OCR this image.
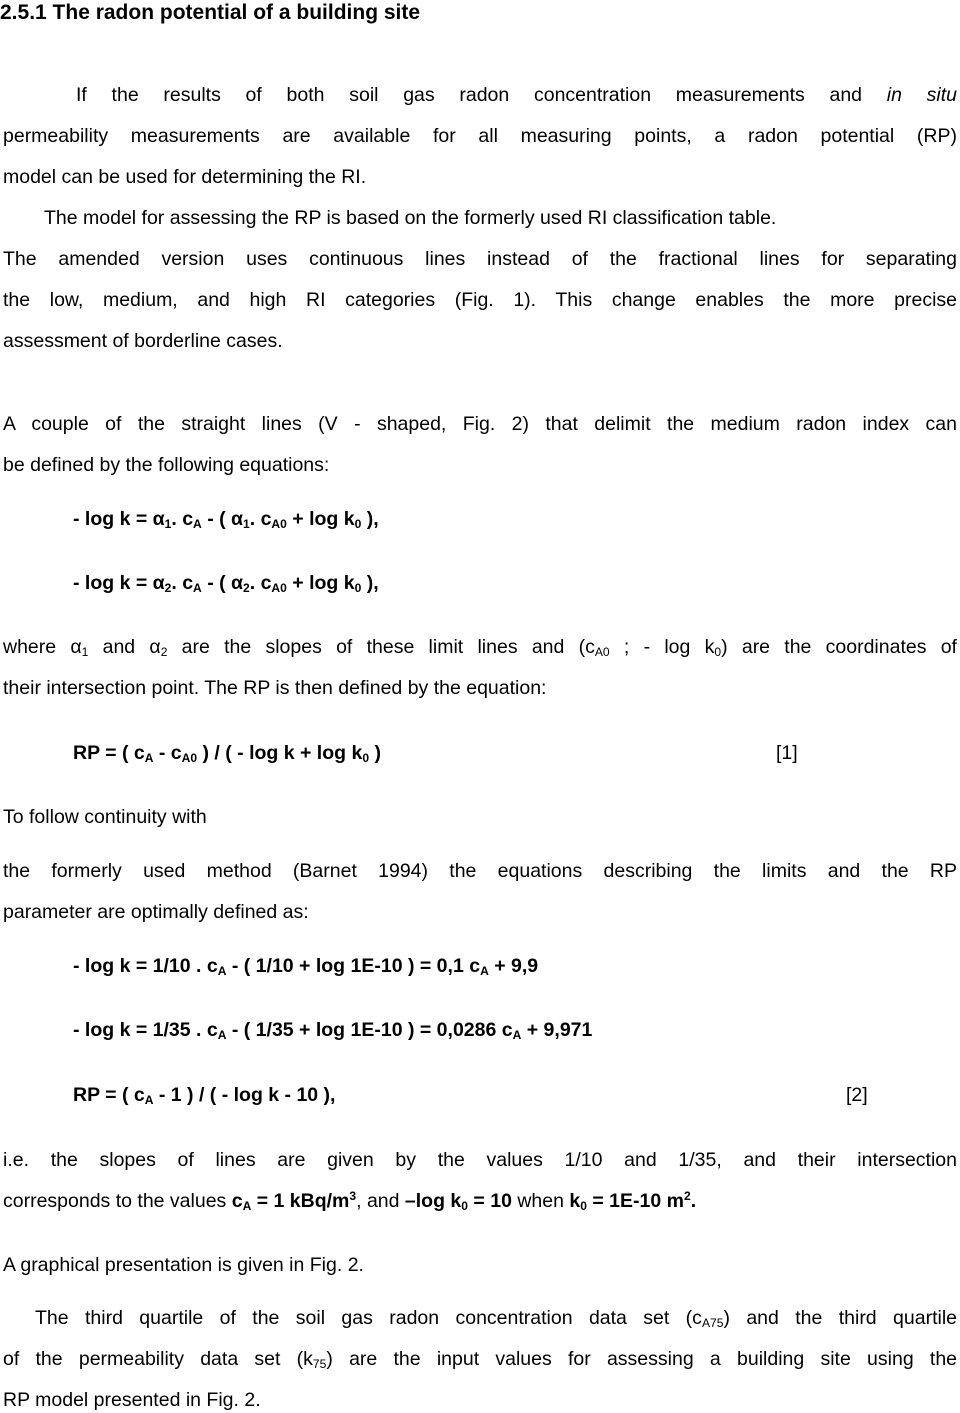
2.5.1 The radon potential of a building site
If the results of both soil gas radon concentration measurements and in situ
permeability measurements are available for all measuring points, a radon potential (RP)
model can be used for determining the RI.
The model for assessing the RP is based on the formerly used RI classification table.
The amended version uses continuous lines instead of the fractional lines for separating
the low, medium, and high RI categories (Fig. 1). This change enables the more precise
assessment of borderline cases.
A couple of the straight lines (V - shaped, Fig. 2) that delimit the medium radon index can
be defined by the following equations:
- $\log k = \alpha_1$. $c_A$ - ( $\alpha_1$. $c_{A0} + \log k_0$ ),
- $\log k = \alpha_2$. $c_A$ - ( $\alpha_2$. $c_{A0} + \log k_0$ ),
where $\alpha_1$ and $\alpha_2$ are the slopes of these limit lines and ($c_{A0}$ ; - $\log k_0$) are the coordinates of
their intersection point. The RP is then defined by the equation:
RP = ( $c_A - c_{A0}$ ) / ( - $\log k + \log k_0$ )	[1]
To follow continuity with
the formerly used method (Barnet 1994) the equations describing the limits and the RP
parameter are optimally defined as:
- log k = 1/10 . $c_A$ - ( 1/10 + log 1E-10 ) = 0,1 $c_A + 9,9$
- log k = 1/35 . $c_A$ - ( 1/35 + log 1E-10 ) = 0,0286 $c_A + 9,971$
RP = ( $c_A - 1$ ) / ( - log k - 10 ),	[2]
i.e. the slopes of lines are given by the values 1/10 and 1/35, and their intersection
corresponds to the values $c_A = 1$ kBq/$m^3$, and –log $k_0 = 10$ when $k_0 = 1E-10$ $m^2$.
A graphical presentation is given in Fig. 2.
The third quartile of the soil gas radon concentration data set $(c_{A75})$ and the third quartile
of the permeability data set $(k_{75})$ are the input values for assessing a building site using the
RP model presented in Fig. 2.
